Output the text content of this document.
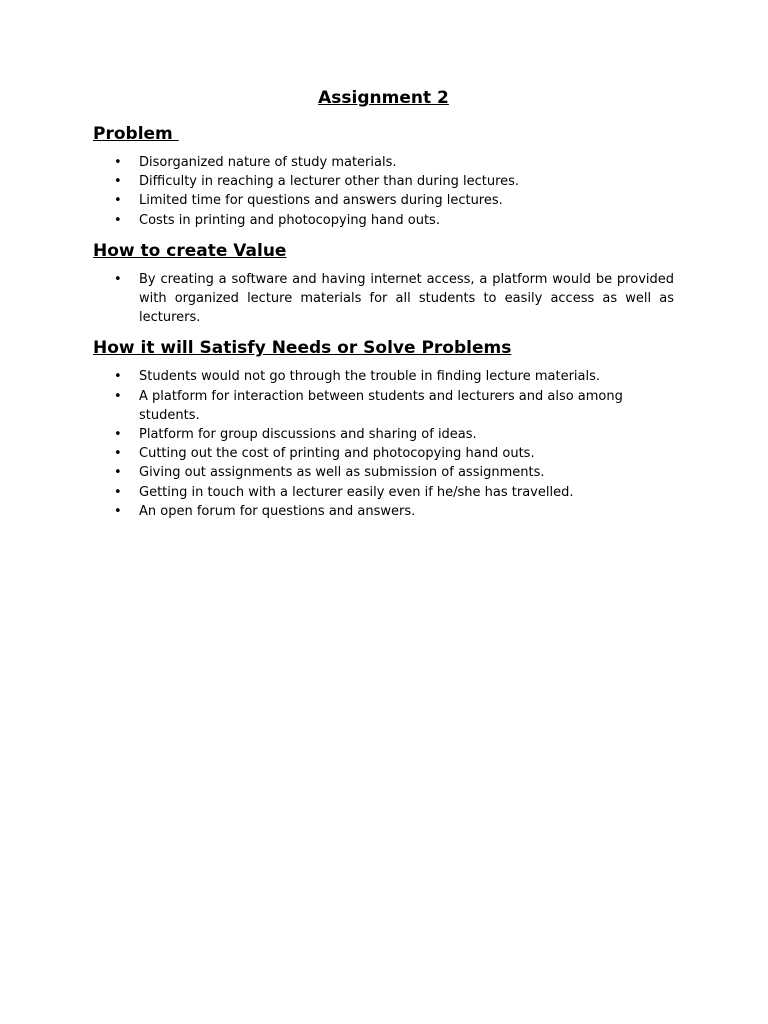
Assignment 2
Problem
• Disorganized nature of study materials.
• Difficulty in reaching a lecturer other than during lectures.
• Limited time for questions and answers during lectures.
• Costs in printing and photocopying hand outs.
How to create Value
• By creating a software and having internet access, a platform would be provided with organized lecture materials for all students to easily access as well as lecturers.
How it will Satisfy Needs or Solve Problems
• Students would not go through the trouble in finding lecture materials.
• A platform for interaction between students and lecturers and also among students.
• Platform for group discussions and sharing of ideas.
• Cutting out the cost of printing and photocopying hand outs.
• Giving out assignments as well as submission of assignments.
• Getting in touch with a lecturer easily even if he/she has travelled.
• An open forum for questions and answers.
